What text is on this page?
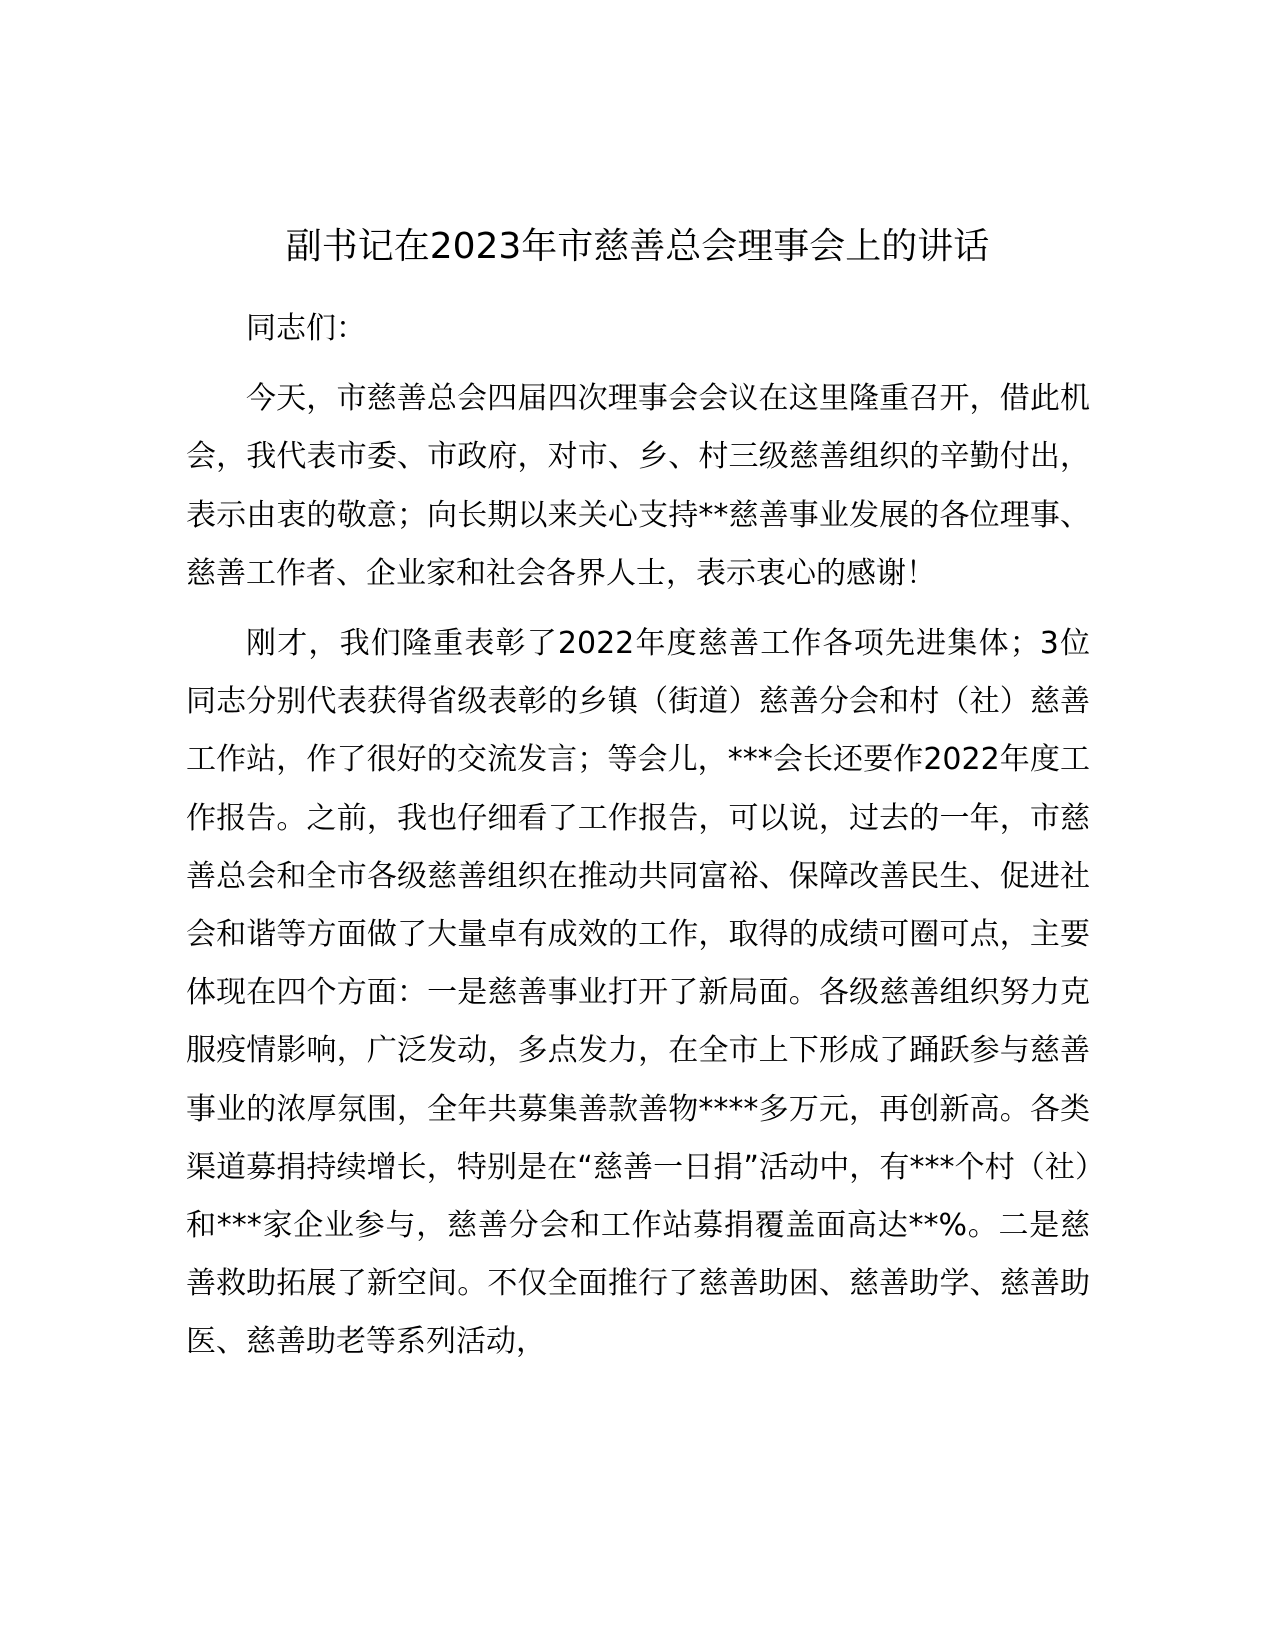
副书记在2023年市慈善总会理事会上的讲话

同志们：

今天，市慈善总会四届四次理事会会议在这里隆重召开，借此机会，我代表市委、市政府，对市、乡、村三级慈善组织的辛勤付出，表示由衷的敬意；向长期以来关心支持**慈善事业发展的各位理事、慈善工作者、企业家和社会各界人士，表示衷心的感谢！

刚才，我们隆重表彰了2022年度慈善工作各项先进集体；3位同志分别代表获得省级表彰的乡镇（街道）慈善分会和村（社）慈善工作站，作了很好的交流发言；等会儿，***会长还要作2022年度工作报告。之前，我也仔细看了工作报告，可以说，过去的一年，市慈善总会和全市各级慈善组织在推动共同富裕、保障改善民生、促进社会和谐等方面做了大量卓有成效的工作，取得的成绩可圈可点，主要体现在四个方面：一是慈善事业打开了新局面。各级慈善组织努力克服疫情影响，广泛发动，多点发力，在全市上下形成了踊跃参与慈善事业的浓厚氛围，全年共募集善款善物****多万元，再创新高。各类渠道募捐持续增长，特别是在“慈善一日捐”活动中，有***个村（社）和***家企业参与，慈善分会和工作站募捐覆盖面高达**%。二是慈善救助拓展了新空间。不仅全面推行了慈善助困、慈善助学、慈善助医、慈善助老等系列活动，
